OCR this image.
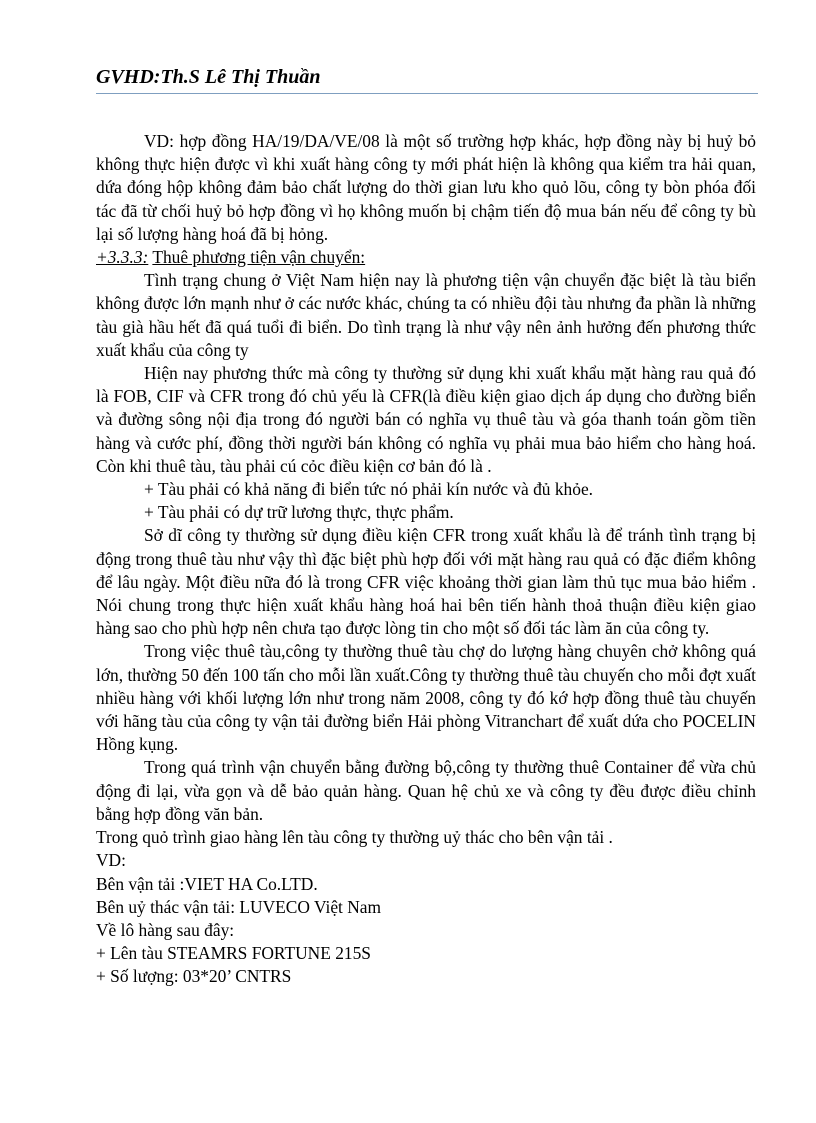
GVHD:Th.S Lê Thị Thuần

VD: hợp đồng HA/19/DA/VE/08 là một số trường hợp khác, hợp đồng này bị huỷ bỏ không thực hiện được vì khi xuất hàng công ty mới phát hiện là không qua kiểm tra hải quan, dứa đóng hộp không đảm bảo chất lượng do thời gian lưu kho quỏ lõu, công ty bòn phóa đối tác đã từ chối huỷ bỏ hợp đồng vì họ không muốn bị chậm tiến độ mua bán nếu để công ty bù lại số lượng hàng hoá đã bị hỏng.

+3.3.3: Thuê phương tiện vận chuyển:

Tình trạng chung ở Việt Nam hiện nay là phương tiện vận chuyển đặc biệt là tàu biển không được lớn mạnh như ở các nước khác, chúng ta có nhiều đội tàu nhưng đa phần là những tàu già hầu hết đã quá tuổi đi biển. Do tình trạng là như vậy nên ảnh hưởng đến phương thức xuất khẩu của công ty

Hiện nay phương thức mà công ty thường sử dụng khi xuất khẩu mặt hàng rau quả đó là FOB, CIF và CFR trong đó chủ yếu là CFR(là điều kiện giao dịch áp dụng cho đường biển và đường sông nội địa trong đó người bán có nghĩa vụ thuê tàu và góa thanh toán gồm tiền hàng và cước phí, đồng thời người bán không có nghĩa vụ phải mua bảo hiểm cho hàng hoá. Còn khi thuê tàu, tàu phải cú cỏc điều kiện cơ bản đó là .

+ Tàu phải có khả năng đi biển tức nó phải kín nước và đủ khỏe.

+ Tàu phải có dự trữ lương thực, thực phẩm.

Sở dĩ công ty thường sử dụng điều kiện CFR trong xuất khẩu là để tránh tình trạng bị động trong thuê tàu như vậy thì đặc biệt phù hợp đối với mặt hàng rau quả có đặc điểm không để lâu ngày. Một điều nữa đó là trong CFR việc khoảng thời gian làm thủ tục mua bảo hiểm . Nói chung trong thực hiện xuất khẩu hàng hoá hai bên tiến hành thoả thuận điều kiện giao hàng sao cho phù hợp nên chưa tạo được lòng tin cho một số đối tác làm ăn của công ty.

Trong việc thuê tàu,công ty thường thuê tàu chợ do lượng hàng chuyên chở không quá lớn, thường 50 đến 100 tấn cho mỗi lần xuất.Công ty thường thuê tàu chuyến cho mỗi đợt xuất nhiều hàng với khối lượng lớn như trong năm 2008, công ty đó kớ hợp đồng thuê tàu chuyến với hãng tàu của công ty vận tải đường biển Hải phòng Vitranchart để xuất dứa cho POCELIN Hồng kụng.

Trong quá trình vận chuyển bằng đường bộ,công ty thường thuê Container để vừa chủ động đi lại, vừa gọn và dễ bảo quản hàng. Quan hệ chủ xe và công ty đều được điều chỉnh bằng hợp đồng văn bản.

Trong quỏ trình giao hàng lên tàu công ty thường uỷ thác cho bên vận tải .

VD:

Bên vận tải :VIET HA Co.LTD.

Bên uỷ thác vận tải: LUVECO Việt Nam

Về lô hàng sau đây:

+ Lên tàu STEAMRS FORTUNE 215S

+ Số lượng: 03*20’ CNTRS
